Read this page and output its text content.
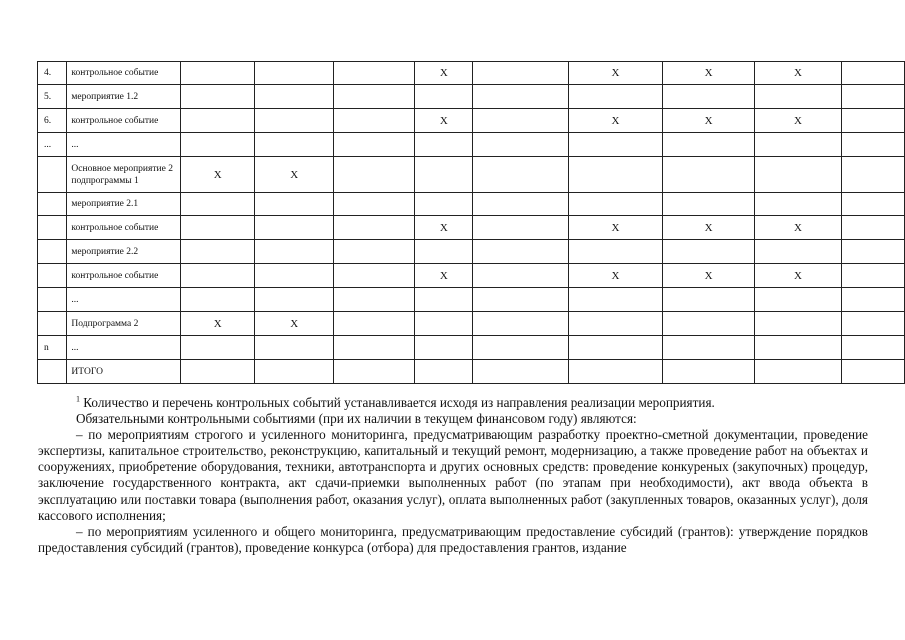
4.	контрольное событие				X		X	X	X	
5.	мероприятие 1.2									
6.	контрольное событие				X		X	X	X	
...	...									
	Основное мероприятие 2 подпрограммы 1	X	X							
	мероприятие 2.1									
	контрольное событие				X		X	X	X	
	мероприятие 2.2									
	контрольное событие				X		X	X	X	
	...									
	Подпрограмма 2	X	X							
n	...									
	ИТОГО									

$^1$ Количество и перечень контрольных событий устанавливается исходя из направления реализации мероприятия.

Обязательными контрольными событиями (при их наличии в текущем финансовом году) являются:

– по мероприятиям строгого и усиленного мониторинга, предусматривающим разработку проектно-сметной документации, проведение экспертизы, капитальное строительство, реконструкцию, капитальный и текущий ремонт, модернизацию, а также проведение работ на объектах и сооружениях, приобретение оборудования, техники, автотранспорта и других основных средств: проведение конкуреных (закупочных) процедур, заключение государственного контракта, акт сдачи-приемки выполненных работ (по этапам при необходимости), акт ввода объекта в эксплуатацию или поставки товара (выполнения работ, оказания услуг), оплата выполненных работ (закупленных товаров, оказанных услуг), доля кассового исполнения;

– по мероприятиям усиленного и общего мониторинга, предусматривающим предоставление субсидий (грантов): утверждение порядков предоставления субсидий (грантов), проведение конкурса (отбора) для предоставления грантов, издание
